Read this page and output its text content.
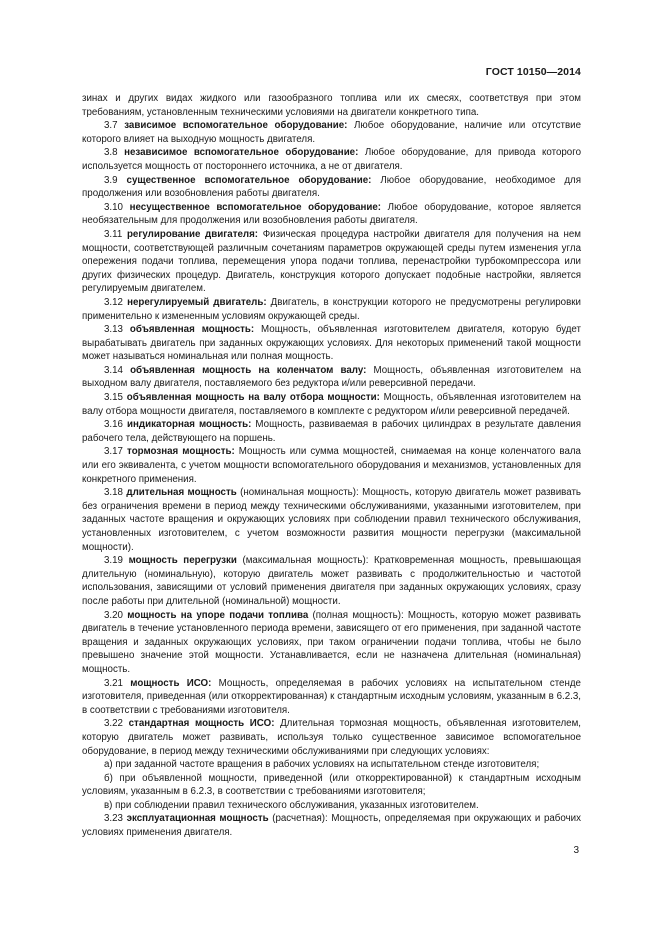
ГОСТ 10150—2014

зинах и других видах жидкого или газообразного топлива или их смесях, соответствуя при этом требованиям, установленным техническими условиями на двигатели конкретного типа.

3.7 зависимое вспомогательное оборудование: Любое оборудование, наличие или отсутствие которого влияет на выходную мощность двигателя.

3.8 независимое вспомогательное оборудование: Любое оборудование, для привода которого используется мощность от постороннего источника, а не от двигателя.

3.9 существенное вспомогательное оборудование: Любое оборудование, необходимое для продолжения или возобновления работы двигателя.

3.10 несущественное вспомогательное оборудование: Любое оборудование, которое является необязательным для продолжения или возобновления работы двигателя.

3.11 регулирование двигателя: Физическая процедура настройки двигателя для получения на нем мощности, соответствующей различным сочетаниям параметров окружающей среды путем изменения угла опережения подачи топлива, перемещения упора подачи топлива, перенастройки турбокомпрессора или других физических процедур. Двигатель, конструкция которого допускает подобные настройки, является регулируемым двигателем.

3.12 нерегулируемый двигатель: Двигатель, в конструкции которого не предусмотрены регулировки применительно к измененным условиям окружающей среды.

3.13 объявленная мощность: Мощность, объявленная изготовителем двигателя, которую будет вырабатывать двигатель при заданных окружающих условиях. Для некоторых применений такой мощности может называться номинальная или полная мощность.

3.14 объявленная мощность на коленчатом валу: Мощность, объявленная изготовителем на выходном валу двигателя, поставляемого без редуктора и/или реверсивной передачи.

3.15 объявленная мощность на валу отбора мощности: Мощность, объявленная изготовителем на валу отбора мощности двигателя, поставляемого в комплекте с редуктором и/или реверсивной передачей.

3.16 индикаторная мощность: Мощность, развиваемая в рабочих цилиндрах в результате давления рабочего тела, действующего на поршень.

3.17 тормозная мощность: Мощность или сумма мощностей, снимаемая на конце коленчатого вала или его эквивалента, с учетом мощности вспомогательного оборудования и механизмов, установленных для конкретного применения.

3.18 длительная мощность (номинальная мощность): Мощность, которую двигатель может развивать без ограничения времени в период между техническими обслуживаниями, указанными изготовителем, при заданных частоте вращения и окружающих условиях при соблюдении правил технического обслуживания, установленных изготовителем, с учетом возможности развития мощности перегрузки (максимальной мощности).

3.19 мощность перегрузки (максимальная мощность): Кратковременная мощность, превышающая длительную (номинальную), которую двигатель может развивать с продолжительностью и частотой использования, зависящими от условий применения двигателя при заданных окружающих условиях, сразу после работы при длительной (номинальной) мощности.

3.20 мощность на упоре подачи топлива (полная мощность): Мощность, которую может развивать двигатель в течение установленного периода времени, зависящего от его применения, при заданной частоте вращения и заданных окружающих условиях, при таком ограничении подачи топлива, чтобы не было превышено значение этой мощности. Устанавливается, если не назначена длительная (номинальная) мощность.

3.21 мощность ИСО: Мощность, определяемая в рабочих условиях на испытательном стенде изготовителя, приведенная (или откорректированная) к стандартным исходным условиям, указанным в 6.2.3, в соответствии с требованиями изготовителя.

3.22 стандартная мощность ИСО: Длительная тормозная мощность, объявленная изготовителем, которую двигатель может развивать, используя только существенное зависимое вспомогательное оборудование, в период между техническими обслуживаниями при следующих условиях:

а) при заданной частоте вращения в рабочих условиях на испытательном стенде изготовителя;

б) при объявленной мощности, приведенной (или откорректированной) к стандартным исходным условиям, указанным в 6.2.3, в соответствии с требованиями изготовителя;

в) при соблюдении правил технического обслуживания, указанных изготовителем.

3.23 эксплуатационная мощность (расчетная): Мощность, определяемая при окружающих и рабочих условиях применения двигателя.

3
